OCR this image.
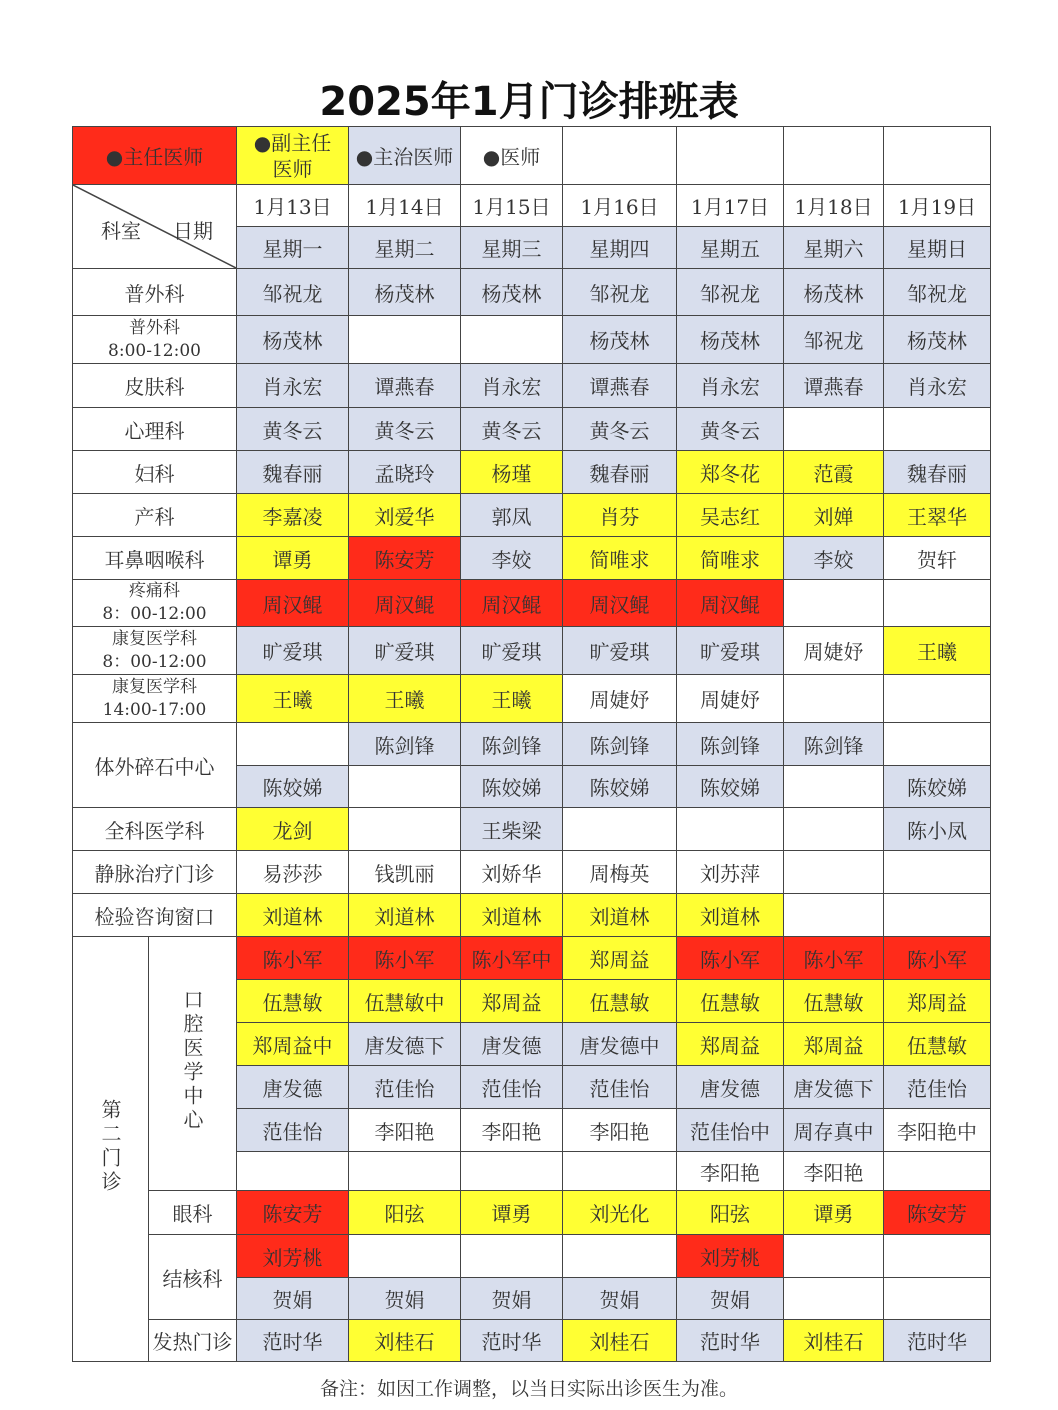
2025年1月门诊排班表
●主任医师		●副主任
医师	●主治医师	●医师				

科室 日期		1月13日	1月14日	1月15日	1月16日	1月17日	1月18日	1月19日
		星期一	星期二	星期三	星期四	星期五	星期六	星期日
普外科		邹祝龙	杨茂林	杨茂林	邹祝龙	邹祝龙	杨茂林	邹祝龙
普外科
8:00-12:00		杨茂林			杨茂林	杨茂林	邹祝龙	杨茂林
皮肤科		肖永宏	谭燕春	肖永宏	谭燕春	肖永宏	谭燕春	肖永宏
心理科		黄冬云	黄冬云	黄冬云	黄冬云	黄冬云		
妇科		魏春丽	孟晓玲	杨瑾	魏春丽	郑冬花	范霞	魏春丽
产科		李嘉凌	刘爱华	郭凤	肖芬	吴志红	刘婵	王翠华
耳鼻咽喉科		谭勇	陈安芳	李姣	简唯求	简唯求	李姣	贺轩
疼痛科
8：00-12:00		周汉鲲	周汉鲲	周汉鲲	周汉鲲	周汉鲲		
康复医学科
8：00-12:00		旷爱琪	旷爱琪	旷爱琪	旷爱琪	旷爱琪	周婕妤	王曦
康复医学科
14:00-17:00		王曦	王曦	王曦	周婕妤	周婕妤		
体外碎石中心			陈剑锋	陈剑锋	陈剑锋	陈剑锋	陈剑锋	
		陈姣娣		陈姣娣	陈姣娣	陈姣娣		陈姣娣
全科医学科		龙剑		王柴梁				陈小凤
静脉治疗门诊		易莎莎	钱凯丽	刘娇华	周梅英	刘苏萍		
检验咨询窗口		刘道林	刘道林	刘道林	刘道林	刘道林		
第二门诊	口腔医学中心	陈小军	陈小军	陈小军中	郑周益	陈小军	陈小军	陈小军
		伍慧敏	伍慧敏中	郑周益	伍慧敏	伍慧敏	伍慧敏	郑周益
		郑周益中	唐发德下	唐发德	唐发德中	郑周益	郑周益	伍慧敏
		唐发德	范佳怡	范佳怡	范佳怡	唐发德	唐发德下	范佳怡
		范佳怡	李阳艳	李阳艳	李阳艳	范佳怡中	周存真中	李阳艳中
						李阳艳	李阳艳	
	眼科	陈安芳	阳弦	谭勇	刘光化	阳弦	谭勇	陈安芳
	结核科	刘芳桃				刘芳桃		
		贺娟	贺娟	贺娟	贺娟	贺娟		
	发热门诊	范时华	刘桂石	范时华	刘桂石	范时华	刘桂石	范时华
备注：如因工作调整，以当日实际出诊医生为准。
